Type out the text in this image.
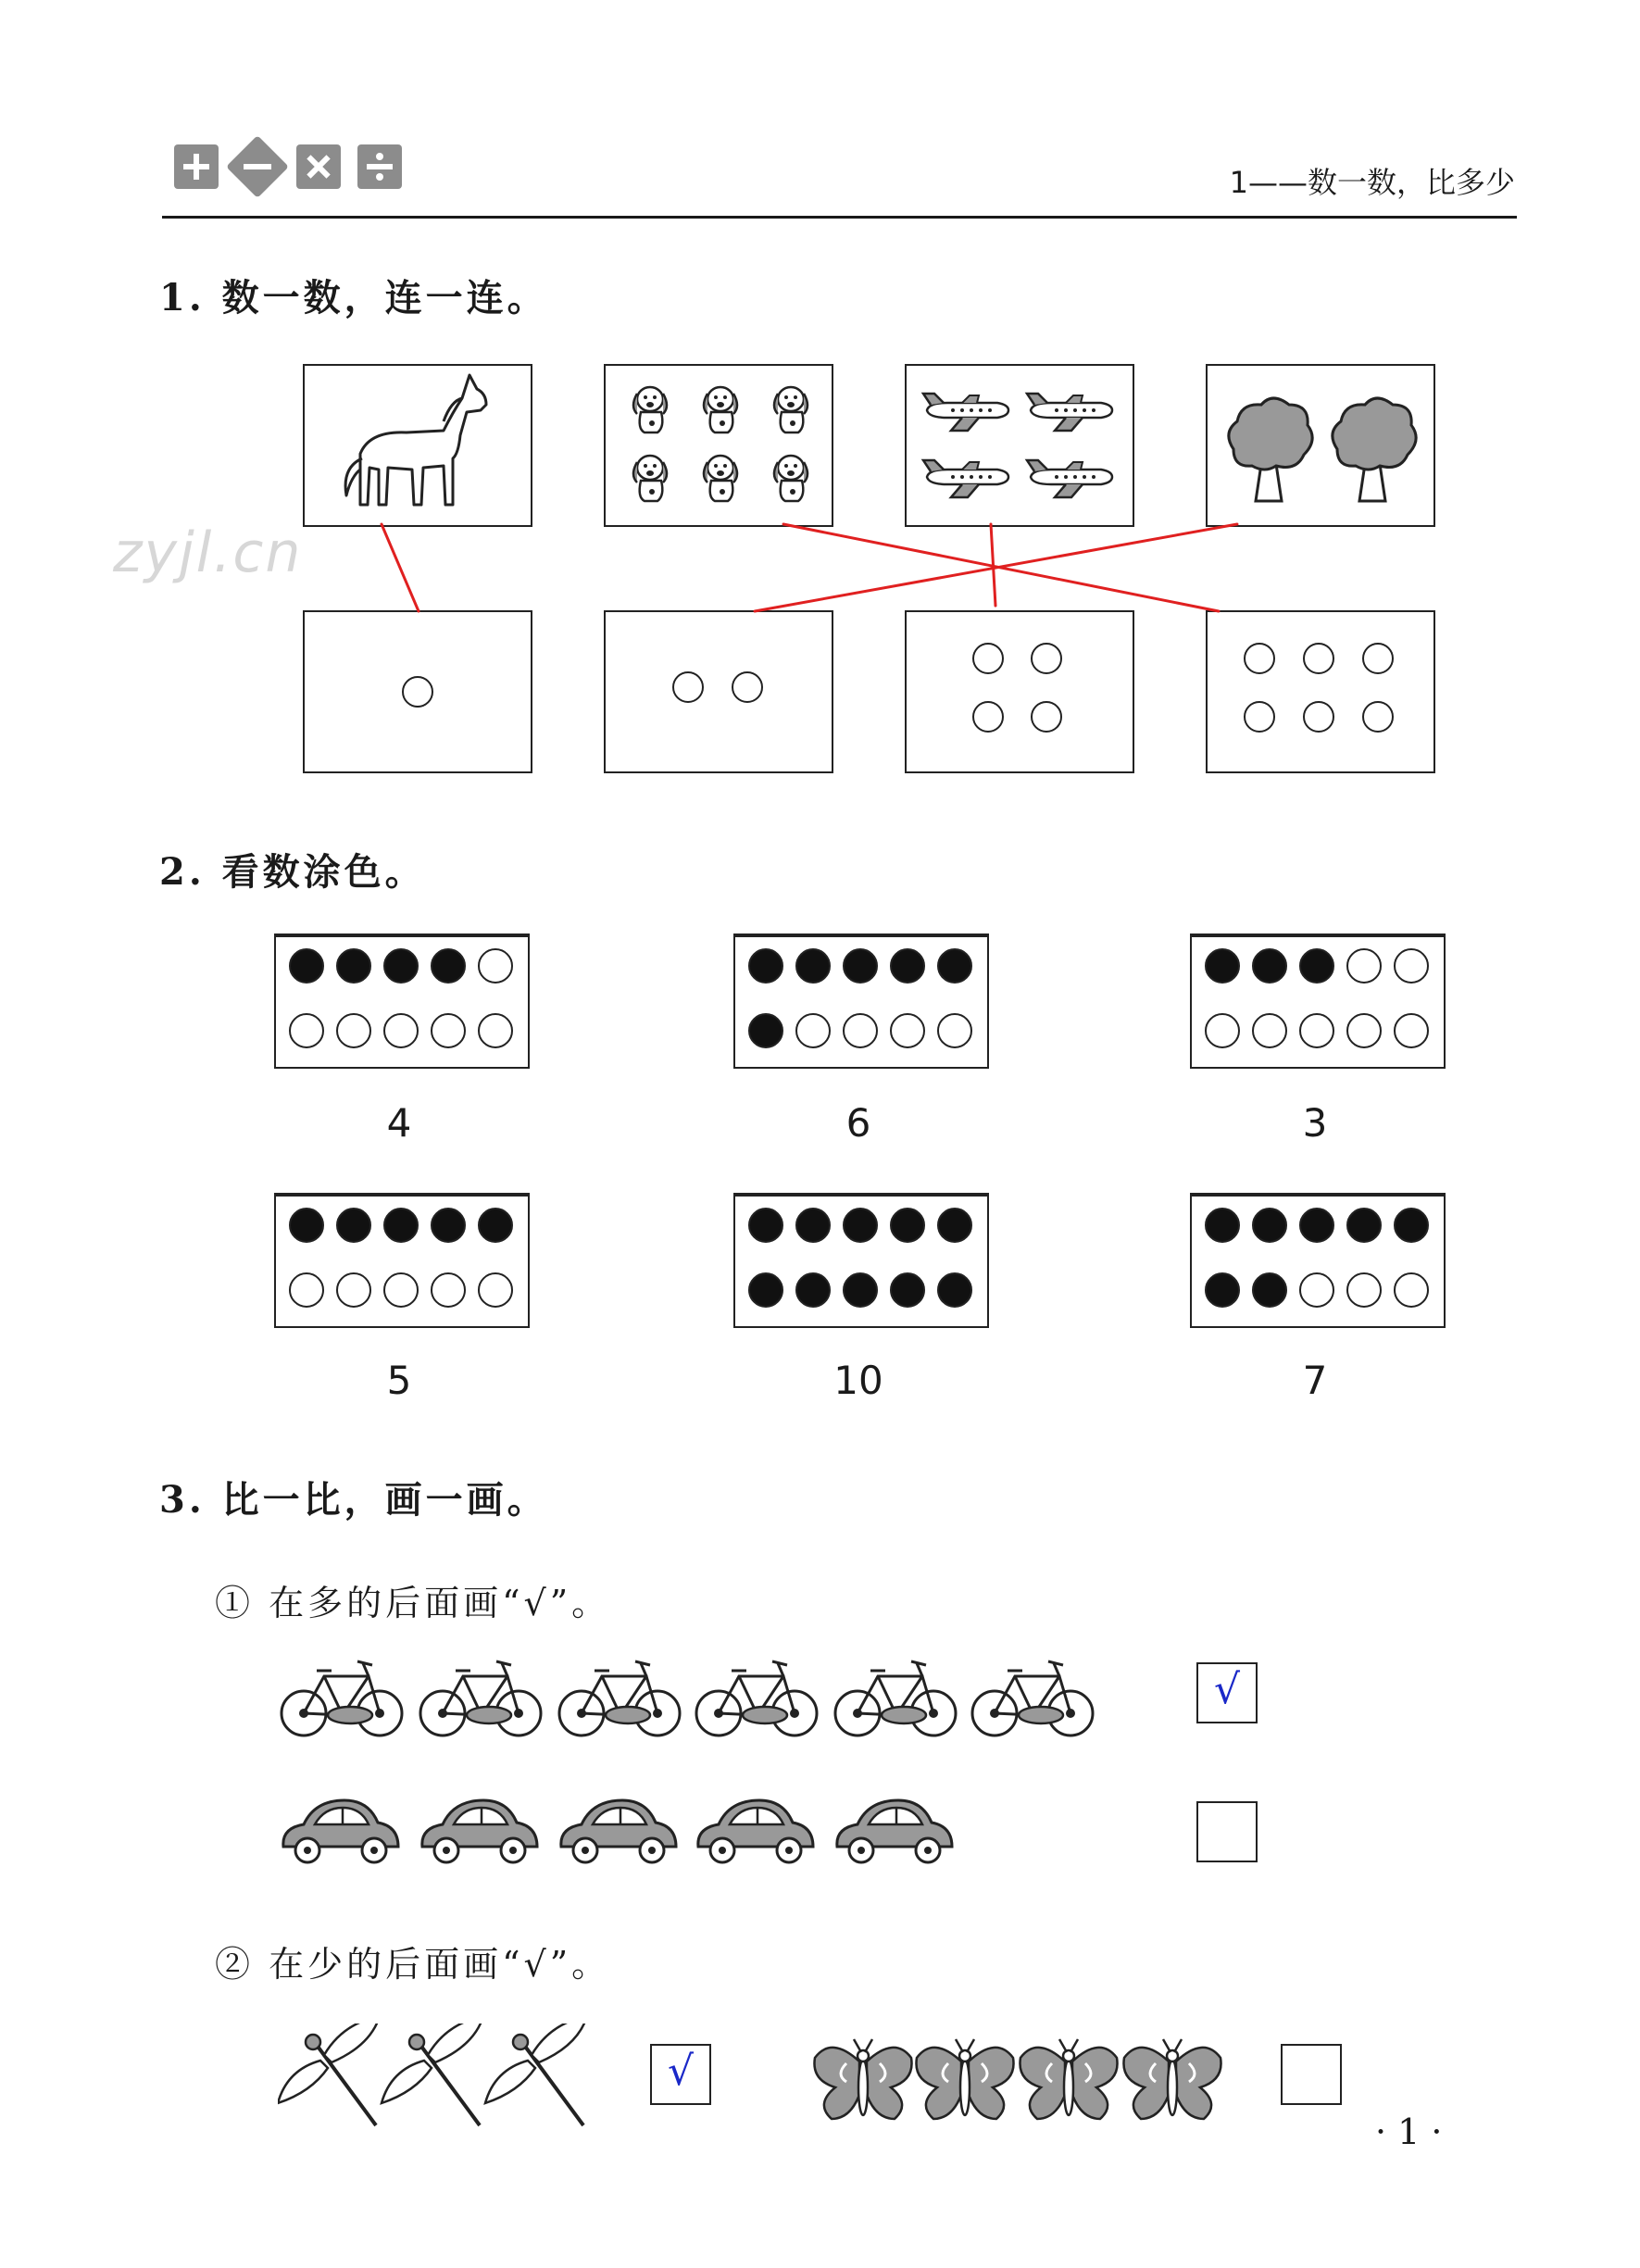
1——数一数，比多少
zyjl.cn
1. 数一数，连一连。
2. 看数涂色。
4	6	3
5	10	7
3. 比一比，画一画。
① 在多的后面画“√”。
√
② 在少的后面画“√”。
√
· 1 ·
